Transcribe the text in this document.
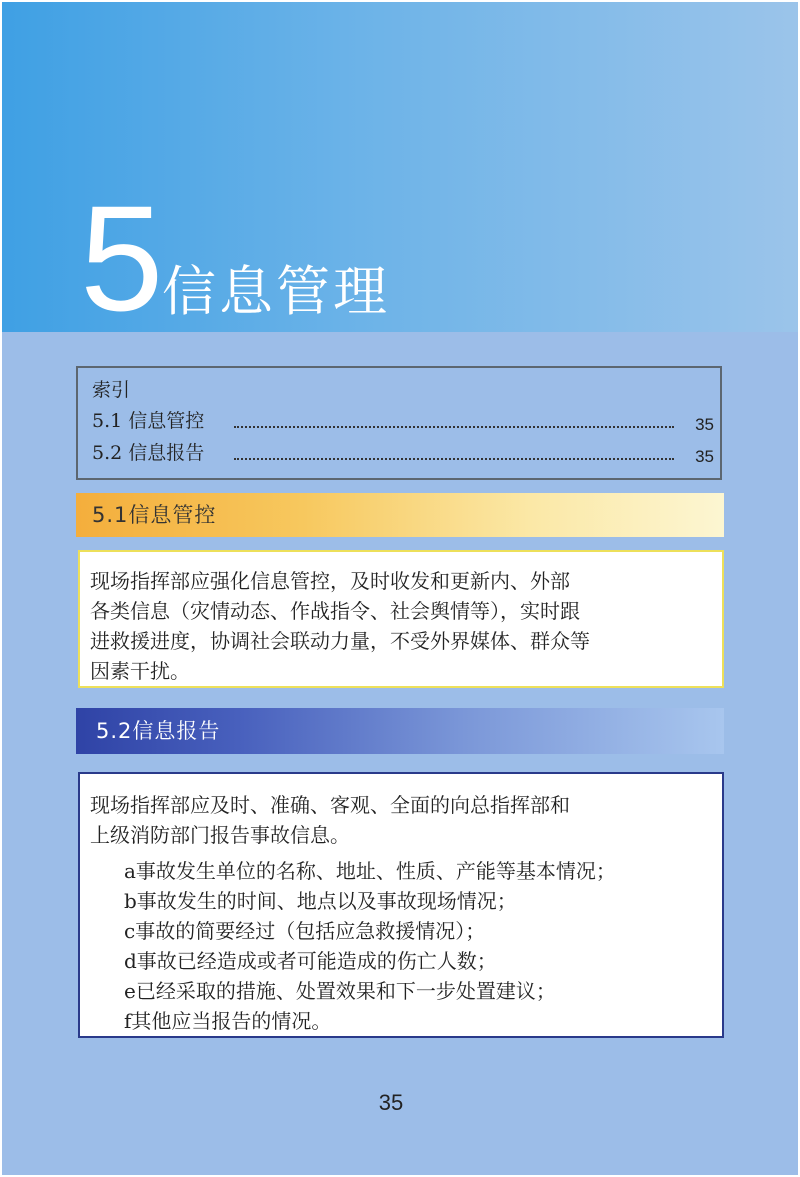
5
信息管理
索引
5.1 信息管控	35
5.2 信息报告	35
5.1信息管控
现场指挥部应强化信息管控，及时收发和更新内、外部
各类信息（灾情动态、作战指令、社会舆情等），实时跟
进救援进度，协调社会联动力量，不受外界媒体、群众等
因素干扰。
5.2信息报告
现场指挥部应及时、准确、客观、全面的向总指挥部和
上级消防部门报告事故信息。
a事故发生单位的名称、地址、性质、产能等基本情况；
b事故发生的时间、地点以及事故现场情况；
c事故的简要经过（包括应急救援情况）；
d事故已经造成或者可能造成的伤亡人数；
e已经采取的措施、处置效果和下一步处置建议；
f其他应当报告的情况。
35
